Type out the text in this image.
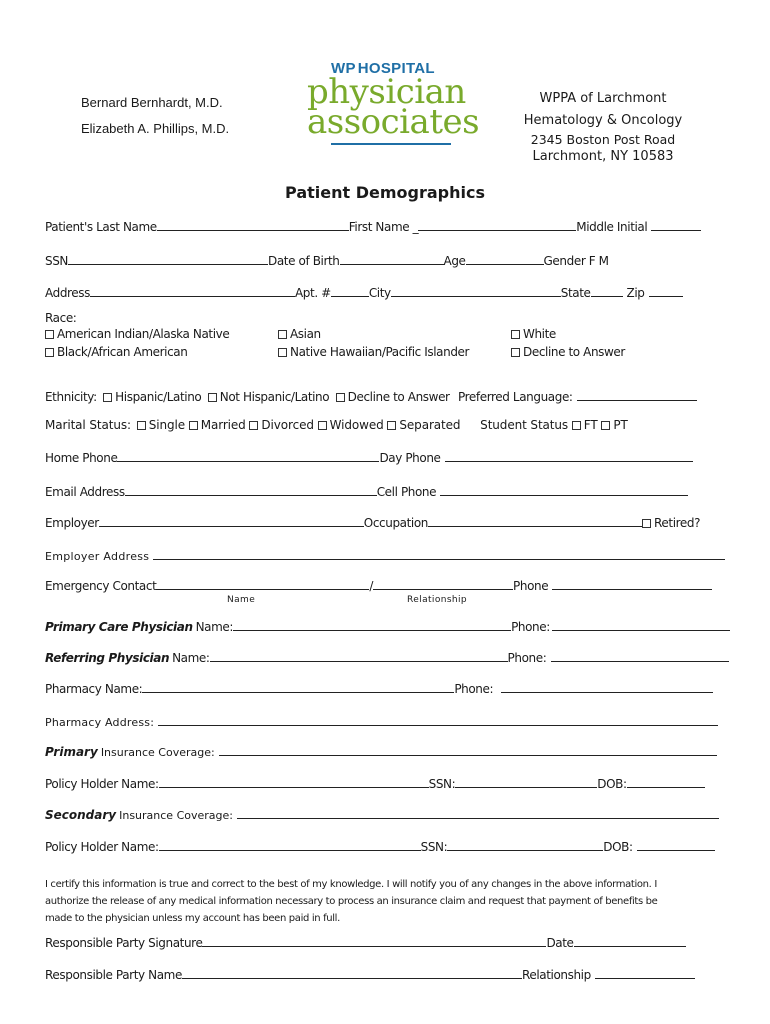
Bernard Bernhardt, M.D.
Elizabeth A. Phillips, M.D.
WP HOSPITAL
physician
associates
WPPA of Larchmont
Hematology & Oncology
2345 Boston Post Road
Larchmont, NY 10583
Patient Demographics
Patient's Last Name	First Name _	Middle Initial
SSN	Date of Birth	Age	Gender F M
Address	Apt. #	City	State	Zip
Race:
American Indian/Alaska Native	Asian	White
Black/African American	Native Hawaiian/Pacific Islander	Decline to Answer
Ethnicity: Hispanic/Latino Not Hispanic/Latino Decline to Answer Preferred Language:
Marital Status: Single Married Divorced Widowed Separated Student Status FT PT
Home Phone	Day Phone
Email Address	Cell Phone
Employer	Occupation	Retired?
Employer Address
Emergency Contact	/	Phone
Name	Relationship
Primary Care Physician Name:	Phone:
Referring Physician Name:	Phone:
Pharmacy Name:	Phone:
Pharmacy Address:
Primary Insurance Coverage:
Policy Holder Name:	SSN:	DOB:
Secondary Insurance Coverage:
Policy Holder Name:	SSN:	DOB:
I certify this information is true and correct to the best of my knowledge. I will notify you of any changes in the above information. I
authorize the release of any medical information necessary to process an insurance claim and request that payment of benefits be
made to the physician unless my account has been paid in full.
Responsible Party Signature	Date
Responsible Party Name	Relationship
